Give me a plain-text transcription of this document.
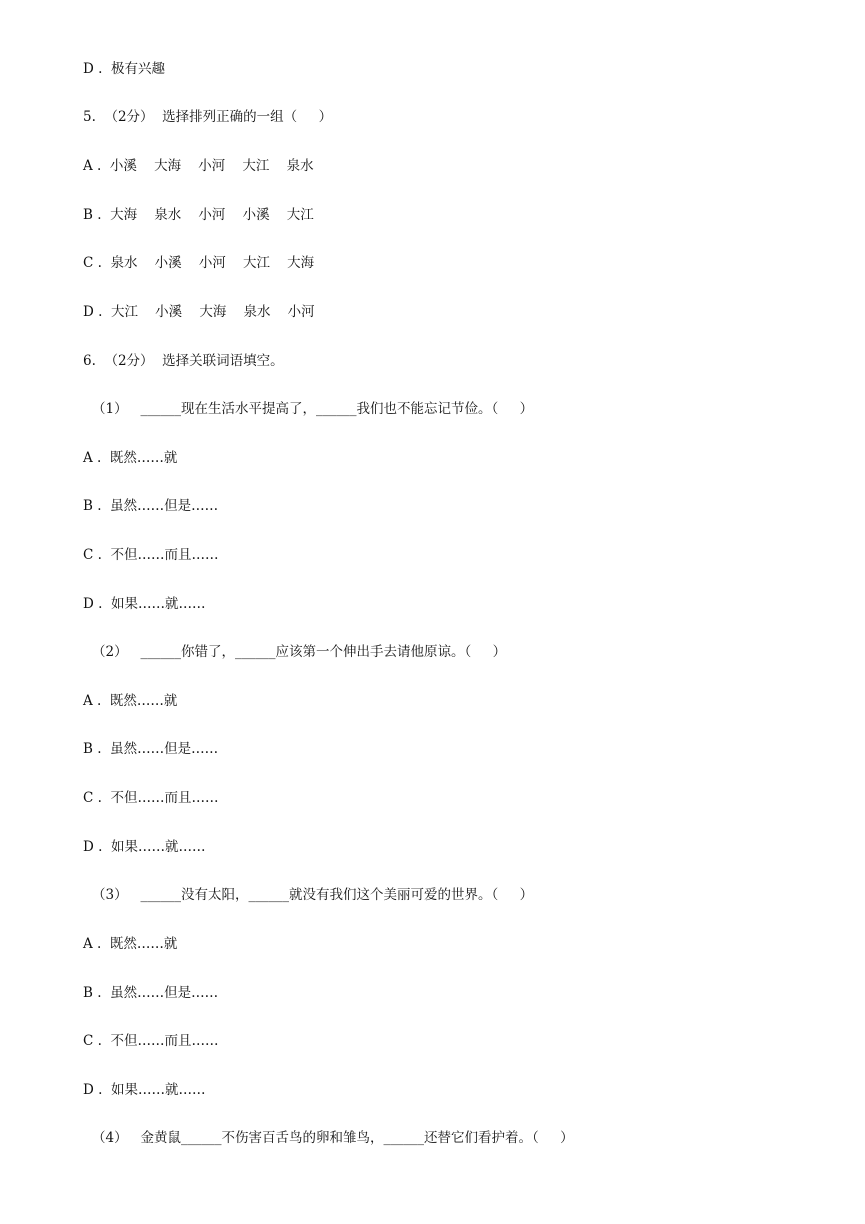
D .  极有兴趣
5.  （2分）  选择排列正确的一组（     ）
A .  小溪    大海    小河    大江    泉水
B .  大海    泉水    小河    小溪    大江
C .  泉水    小溪    小河    大江    大海
D .  大江    小溪    大海    泉水    小河
6.  （2分）  选择关联词语填空。
（1）   ______现在生活水平提高了，______我们也不能忘记节俭。（     ）
A .  既然……就
B .  虽然……但是……
C .  不但……而且……
D .  如果……就……
（2）   ______你错了，______应该第一个伸出手去请他原谅。（     ）
A .  既然……就
B .  虽然……但是……
C .  不但……而且……
D .  如果……就……
（3）   ______没有太阳，______就没有我们这个美丽可爱的世界。（     ）
A .  既然……就
B .  虽然……但是……
C .  不但……而且……
D .  如果……就……
（4）   金黄鼠______不伤害百舌鸟的卵和雏鸟，______还替它们看护着。（     ）
